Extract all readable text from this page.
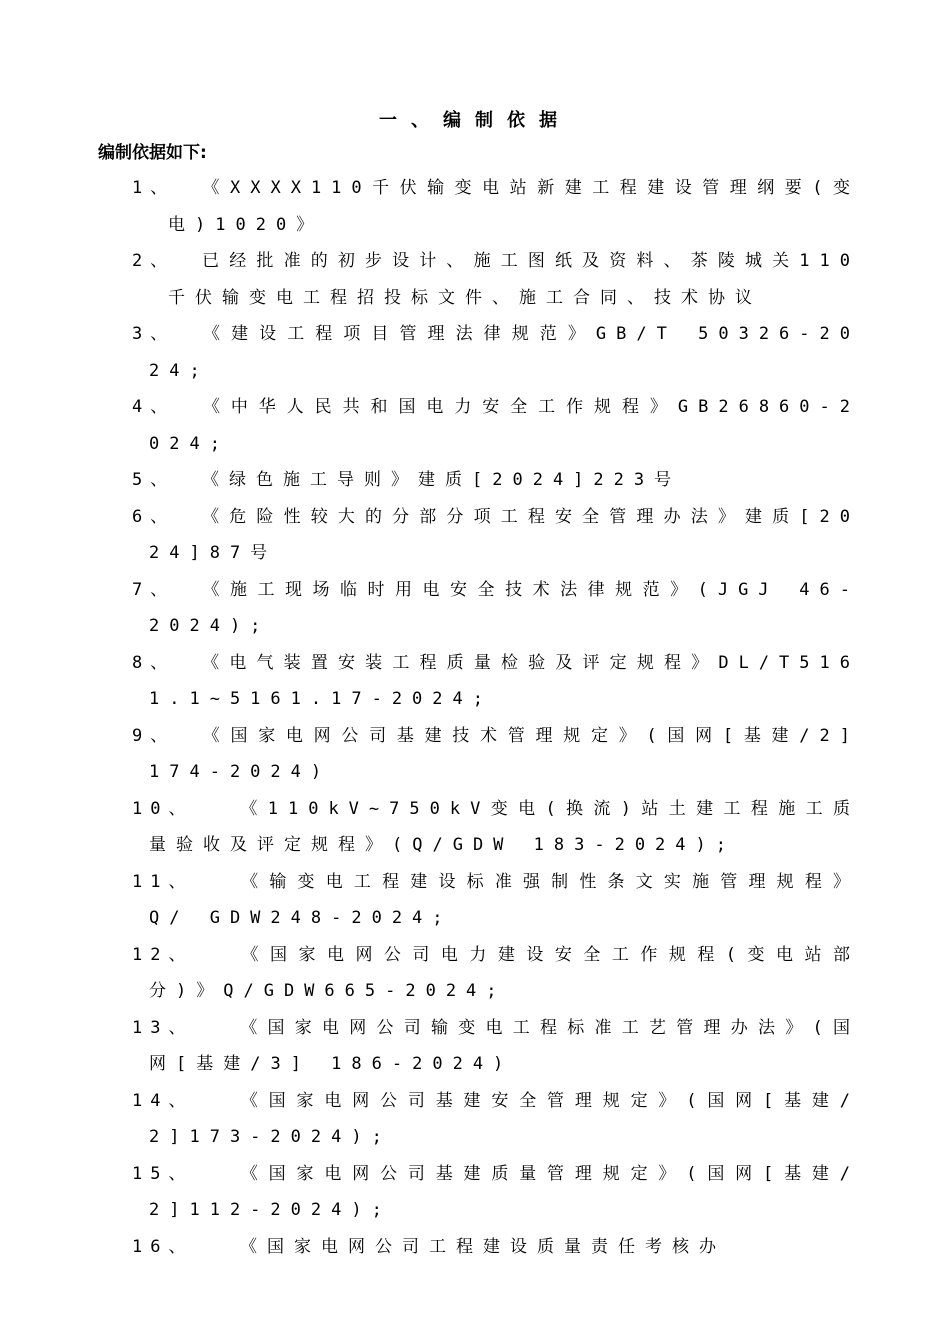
一、编制依据
编制依据如下:
1、 《XXXX110千伏输变电站新建工程建设管理纲要(变电)1020》
2、 已经批准的初步设计、施工图纸及资料、茶陵城关110千伏输变电工程招投标文件、施工合同、技术协议
3、 《建设工程项目管理法律规范》GB/T 50326-2024;
4、 《中华人民共和国电力安全工作规程》GB26860-2024;
5、 《绿色施工导则》建质[2024]223号
6、 《危险性较大的分部分项工程安全管理办法》建质[2024]87号
7、 《施工现场临时用电安全技术法律规范》(JGJ 46-2024);
8、 《电气装置安装工程质量检验及评定规程》DL/T5161.1~5161.17-2024;
9、 《国家电网公司基建技术管理规定》(国网[基建/2]174-2024)
10、	《110kV~750kV变电(换流)站土建工程施工质量验收及评定规程》(Q/GDW 183-2024);
11、	《输变电工程建设标准强制性条文实施管理规程》Q/ GDW248-2024;
12、	《国家电网公司电力建设安全工作规程(变电站部分)》Q/GDW665-2024;
13、	《国家电网公司输变电工程标准工艺管理办法》(国网[基建/3] 186-2024)
14、	《国家电网公司基建安全管理规定》(国网[基建/2]173-2024);
15、	《国家电网公司基建质量管理规定》(国网[基建/2]112-2024);
16、	《国家电网公司工程建设质量责任考核办
